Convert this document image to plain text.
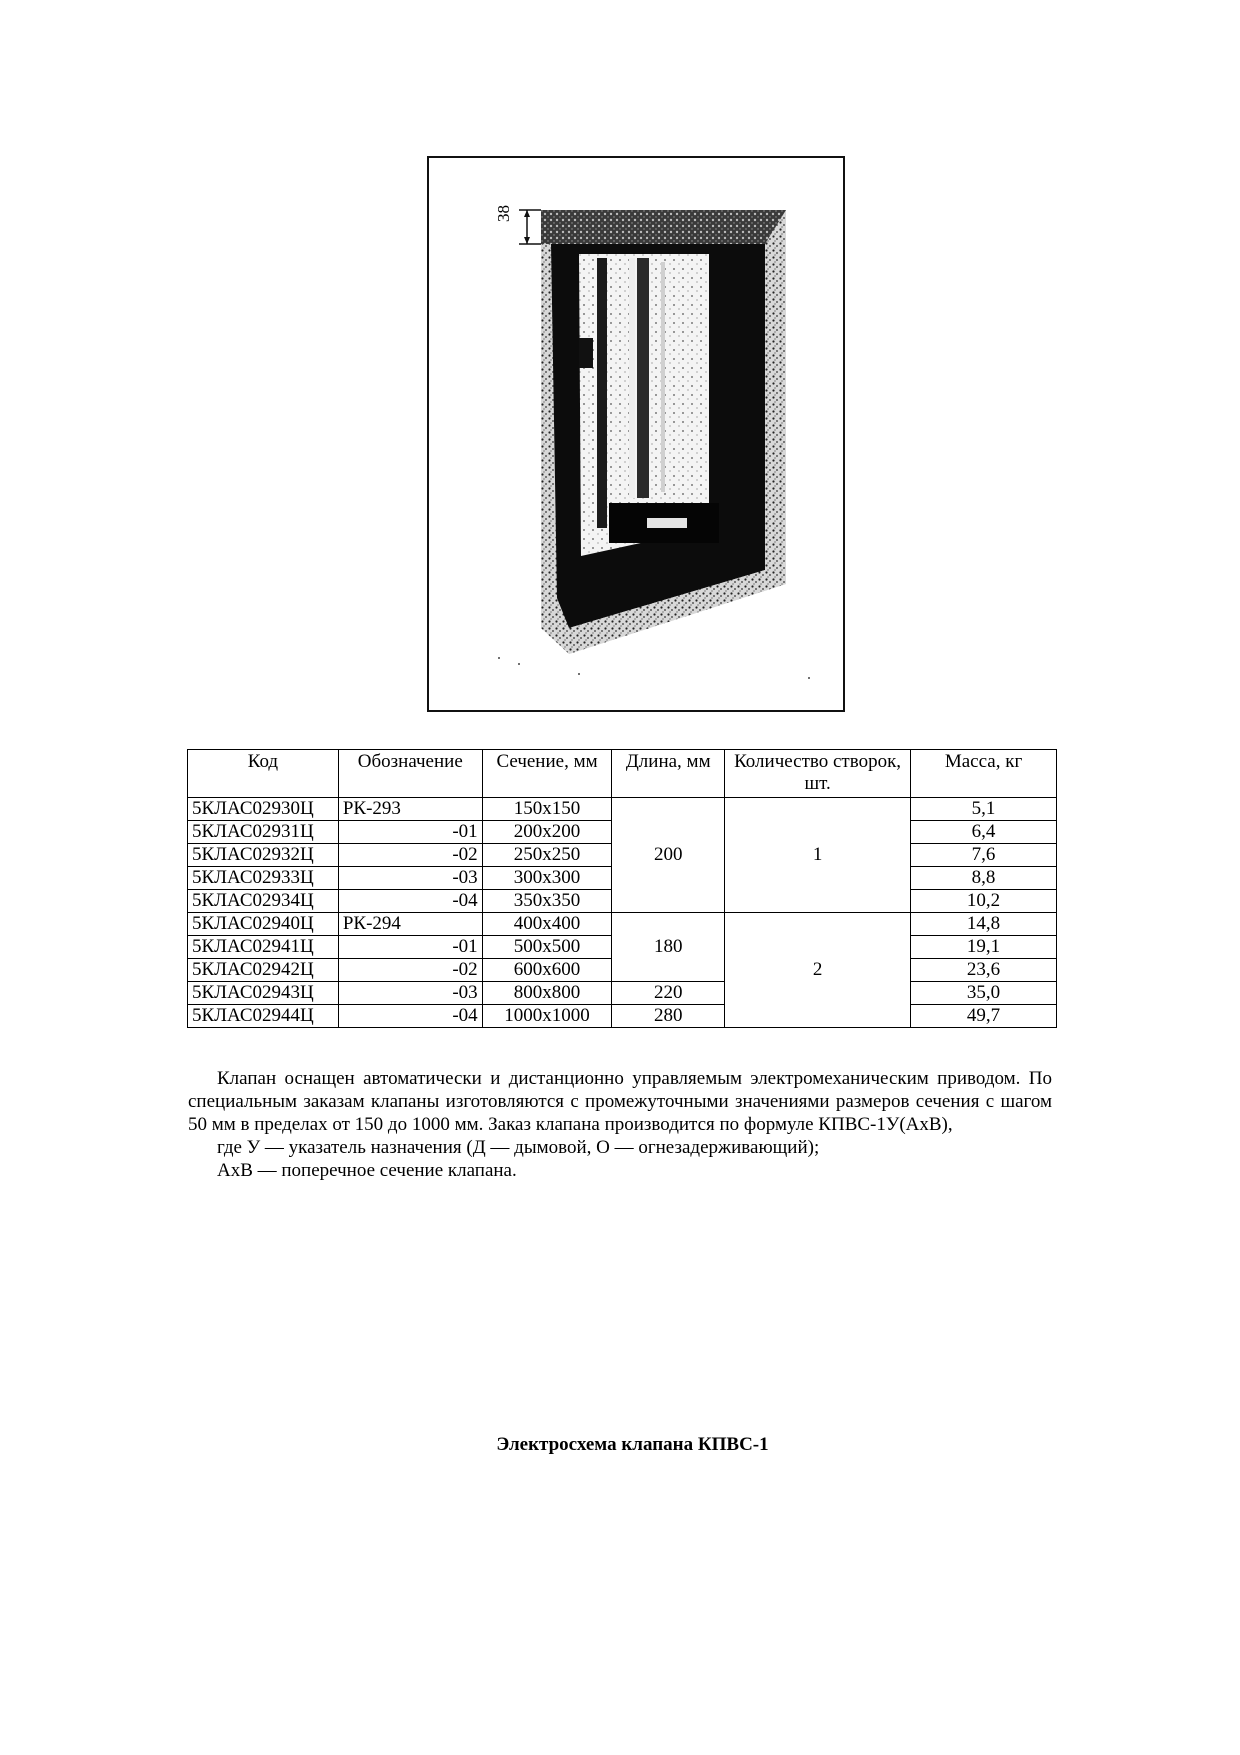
38
Код	Обозначение	Сечение, мм	Длина, мм	Количество створок, шт.	Масса, кг
5КЛАС02930Ц	РК-293	150х150	200	1	5,1
5КЛАС02931Ц	-01	200х200			6,4
5КЛАС02932Ц	-02	250х250			7,6
5КЛАС02933Ц	-03	300х300			8,8
5КЛАС02934Ц	-04	350х350			10,2
5КЛАС02940Ц	РК-294	400х400	180	2	14,8
5КЛАС02941Ц	-01	500х500			19,1
5КЛАС02942Ц	-02	600х600			23,6
5КЛАС02943Ц	-03	800х800	220		35,0
5КЛАС02944Ц	-04	1000х1000	280		49,7

Клапан оснащен автоматически и дистанционно управляемым электромеханическим приводом. По специальным заказам клапаны изготовляются с промежуточными значениями размеров сечения с шагом 50 мм в пределах от 150 до 1000 мм. Заказ клапана производится по формуле КПВС-1У(АхВ),

где У — указатель назначения (Д — дымовой, О — огнезадерживающий);

АхВ — поперечное сечение клапана.

Электросхема клапана КПВС-1
